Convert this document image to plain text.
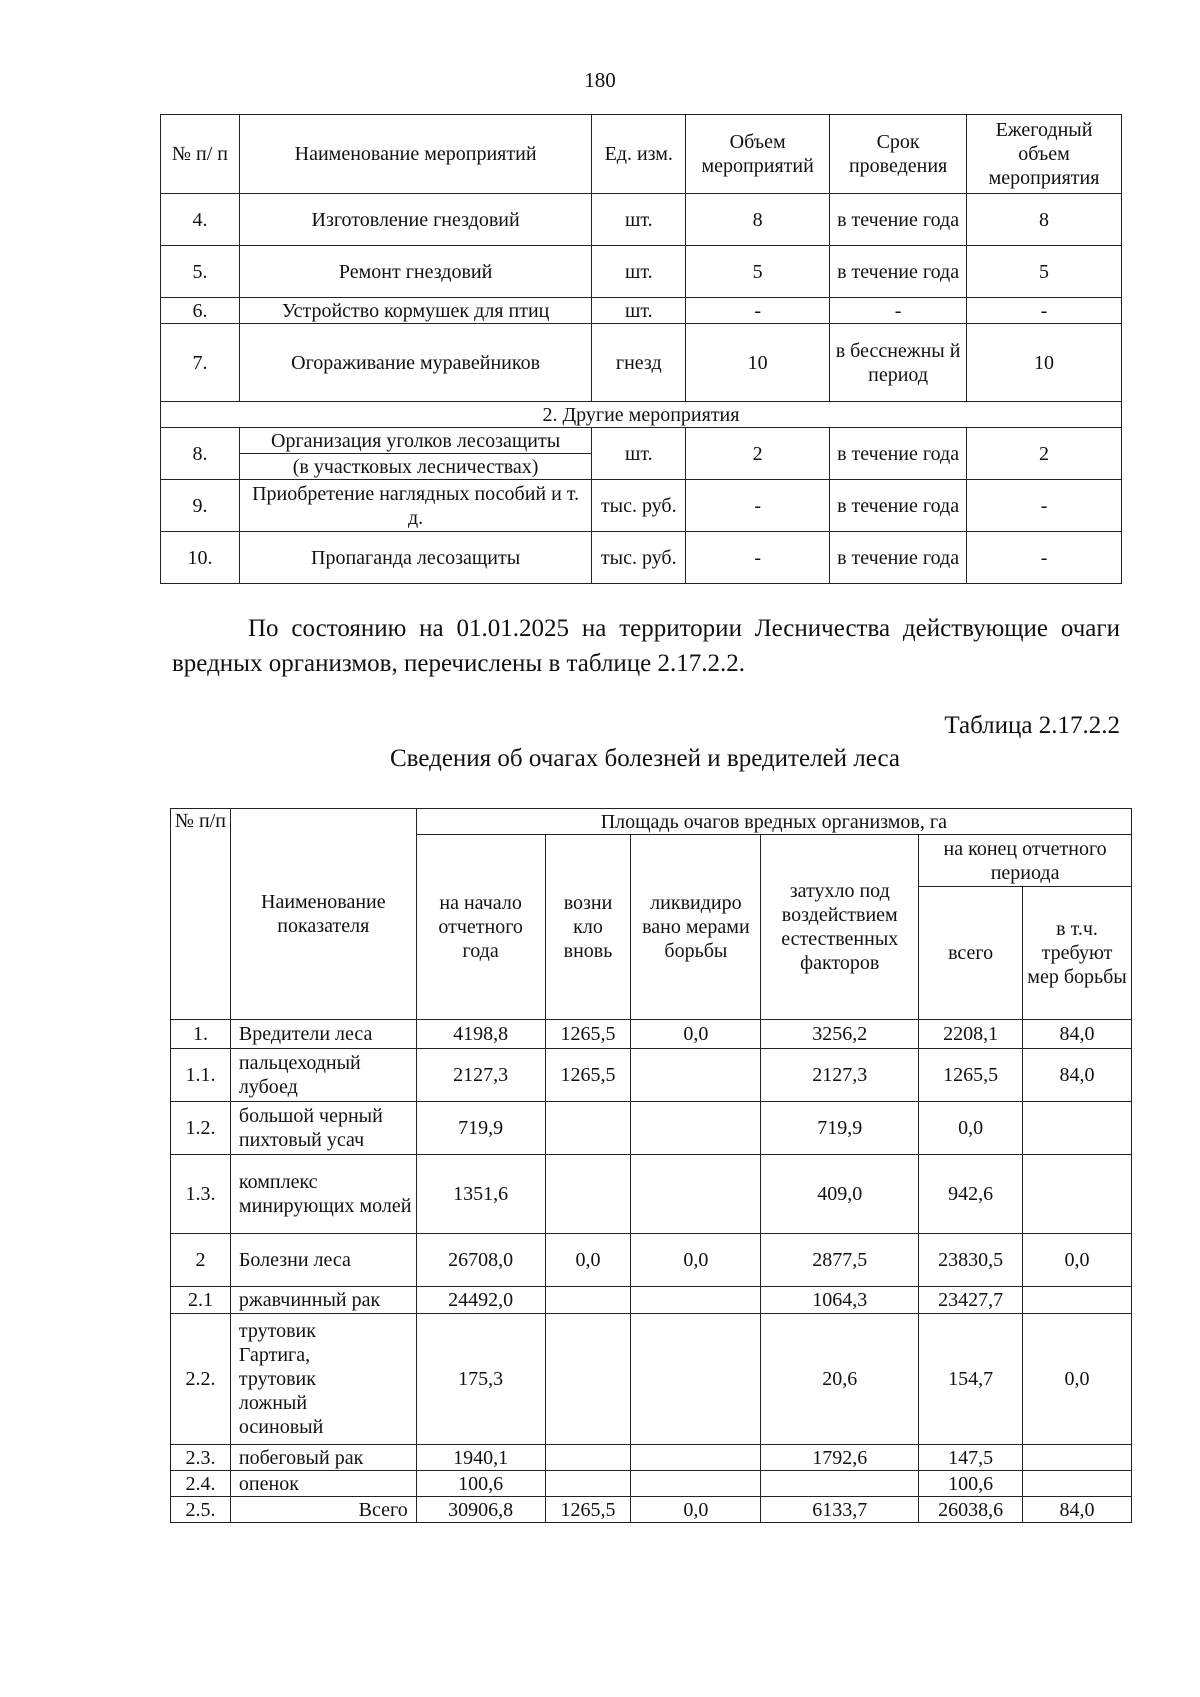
180
№ п/ п	Наименование мероприятий	Ед. изм.	Объем мероприятий	Срок проведения	Ежегодный объем мероприятия
4.	Изготовление гнездовий	шт.	8	в течение года	8
5.	Ремонт гнездовий	шт.	5	в течение года	5
6.	Устройство кормушек для птиц	шт.	-	-	-
7.	Огораживание муравейников	гнезд	10	в бесснежны й период	10
2. Другие мероприятия					
8.	Организация уголков лесозащиты	шт.	2	в течение года	2
	(в участковых лесничествах)				
9.	Приобретение наглядных пособий и т. д.	тыс. руб.	-	в течение года	-
10.	Пропаганда лесозащиты	тыс. руб.	-	в течение года	-

По состоянию на 01.01.2025 на территории Лесничества действующие очаги вредных организмов, перечислены в таблице 2.17.2.2.

Таблица 2.17.2.2
Сведения об очагах болезней и вредителей леса
№ п/п	Наименование показателя	Площадь очагов вредных организмов, га					
		на начало отчетного года	возни кло вновь	ликвидиро вано мерами борьбы	затухло под воздействием естественных факторов	на конец отчетного периода	
						всего	в т.ч. требуют мер борьбы
1.	Вредители леса	4198,8	1265,5	0,0	3256,2	2208,1	84,0
1.1.	пальцеходный лубоед	2127,3	1265,5		2127,3	1265,5	84,0
1.2.	большой черный пихтовый усач	719,9			719,9	0,0	
1.3.	комплекс минирующих молей	1351,6			409,0	942,6	
2	Болезни леса	26708,0	0,0	0,0	2877,5	23830,5	0,0
2.1	ржавчинный рак	24492,0			1064,3	23427,7	
2.2.	трутовик Гартига, трутовик ложный осиновый	175,3			20,6	154,7	0,0
2.3.	побеговый рак	1940,1			1792,6	147,5	
2.4.	опенок	100,6				100,6	
2.5.	Всего	30906,8	1265,5	0,0	6133,7	26038,6	84,0
